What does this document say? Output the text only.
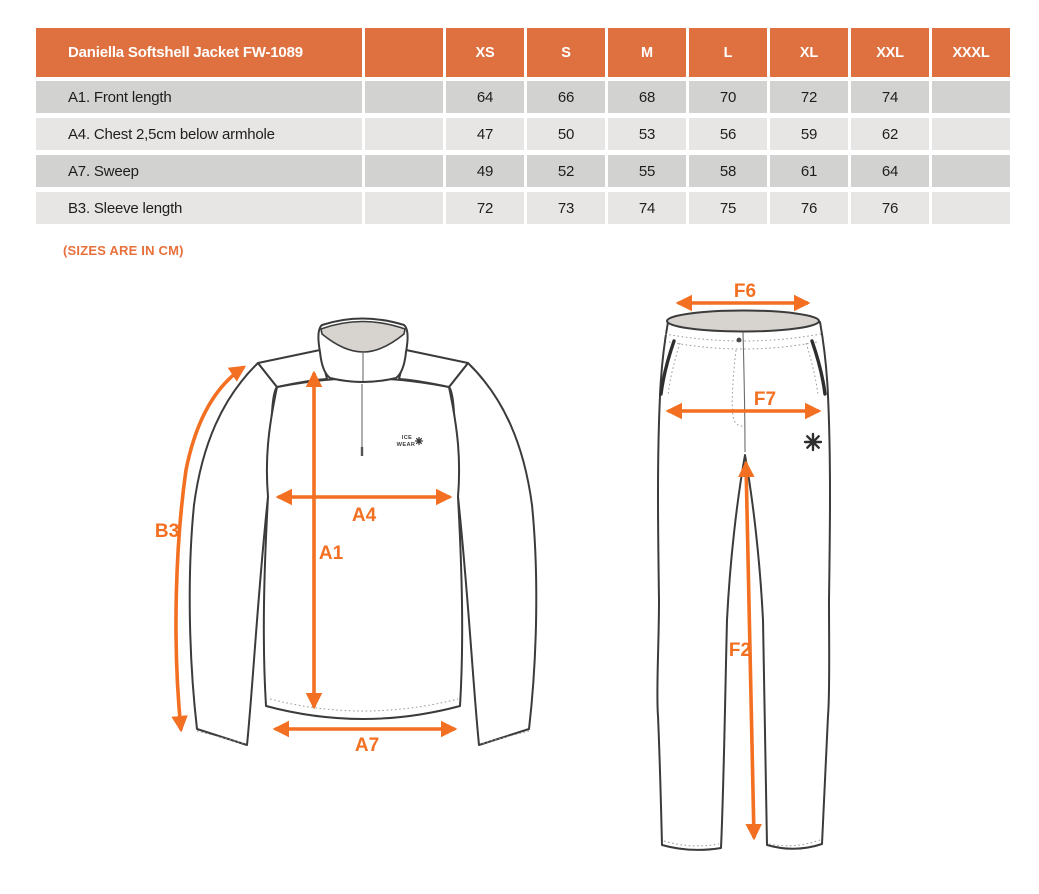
Daniella Softshell Jacket FW-1089	XS	S	M	L	XL	XXL	XXXL
A1. Front length	64	66	68	70	72	74
A4. Chest 2,5cm below armhole	47	50	53	56	59	62
A7. Sweep	49	52	55	58	61	64
B3. Sleeve length	72	73	74	75	76	76
(SIZES ARE IN CM)
ICE
WEAR
B3
A4
A1
A7
F6
F7
F2
